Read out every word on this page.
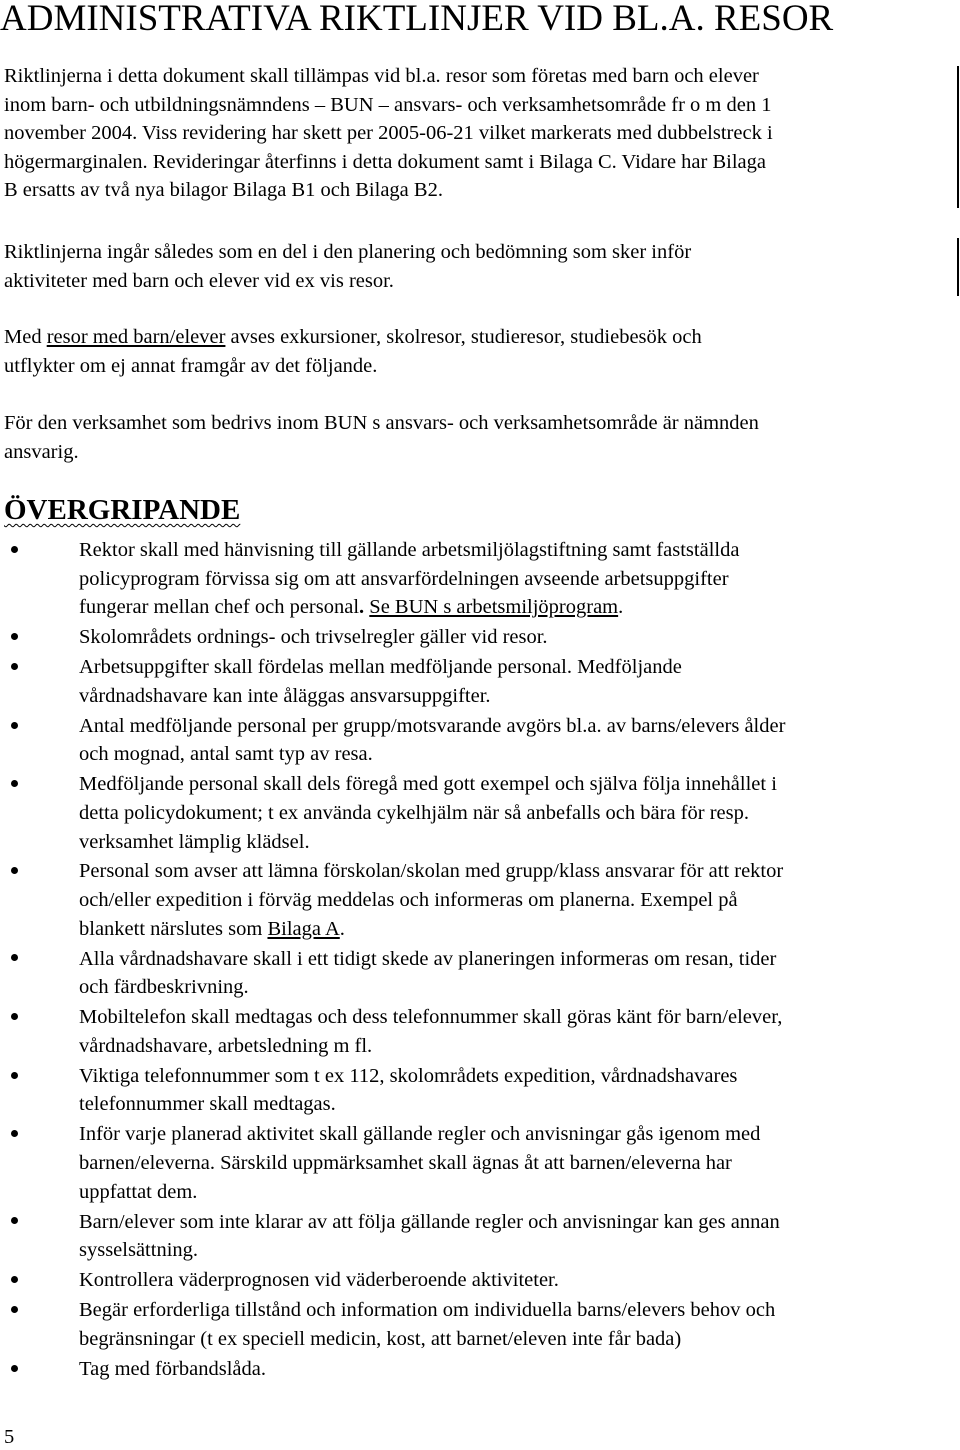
ADMINISTRATIVA RIKTLINJER VID BL.A. RESOR
Riktlinjerna i detta dokument skall tillämpas vid bl.a. resor som företas med barn och elever
inom barn- och utbildningsnämndens – BUN – ansvars- och verksamhetsområde fr o m den 1
november 2004. Viss revidering har skett per 2005-06-21 vilket markerats med dubbelstreck i
högermarginalen. Revideringar återfinns i detta dokument samt i Bilaga C. Vidare har Bilaga
B ersatts av två nya bilagor Bilaga B1 och Bilaga B2.
Riktlinjerna ingår således som en del i den planering och bedömning som sker inför
aktiviteter med barn och elever vid ex vis resor.
Med resor med barn/elever avses exkursioner, skolresor, studieresor, studiebesök och
utflykter om ej annat framgår av det följande.
För den verksamhet som bedrivs inom BUN s ansvars- och verksamhetsområde är nämnden
ansvarig.
ÖVERGRIPANDE
Rektor skall med hänvisning till gällande arbetsmiljölagstiftning samt fastställda
policyprogram förvissa sig om att ansvarfördelningen avseende arbetsuppgifter
fungerar mellan chef och personal. Se BUN s arbetsmiljöprogram.
Skolområdets ordnings- och trivselregler gäller vid resor.
Arbetsuppgifter skall fördelas mellan medföljande personal. Medföljande
vårdnadshavare kan inte åläggas ansvarsuppgifter.
Antal medföljande personal per grupp/motsvarande avgörs bl.a. av barns/elevers ålder
och mognad, antal samt typ av resa.
Medföljande personal skall dels föregå med gott exempel och själva följa innehållet i
detta policydokument; t ex använda cykelhjälm när så anbefalls och bära för resp.
verksamhet lämplig klädsel.
Personal som avser att lämna förskolan/skolan med grupp/klass ansvarar för att rektor
och/eller expedition i förväg meddelas och informeras om planerna. Exempel på
blankett närslutes som Bilaga A.
Alla vårdnadshavare skall i ett tidigt skede av planeringen informeras om resan, tider
och färdbeskrivning.
Mobiltelefon skall medtagas och dess telefonnummer skall göras känt för barn/elever,
vårdnadshavare, arbetsledning m fl.
Viktiga telefonnummer som t ex 112, skolområdets expedition, vårdnadshavares
telefonnummer skall medtagas.
Inför varje planerad aktivitet skall gällande regler och anvisningar gås igenom med
barnen/eleverna. Särskild uppmärksamhet skall ägnas åt att barnen/eleverna har
uppfattat dem.
Barn/elever som inte klarar av att följa gällande regler och anvisningar kan ges annan
sysselsättning.
Kontrollera väderprognosen vid väderberoende aktiviteter.
Begär erforderliga tillstånd och information om individuella barns/elevers behov och
begränsningar (t ex speciell medicin, kost, att barnet/eleven inte får bada)
Tag med förbandslåda.
5
